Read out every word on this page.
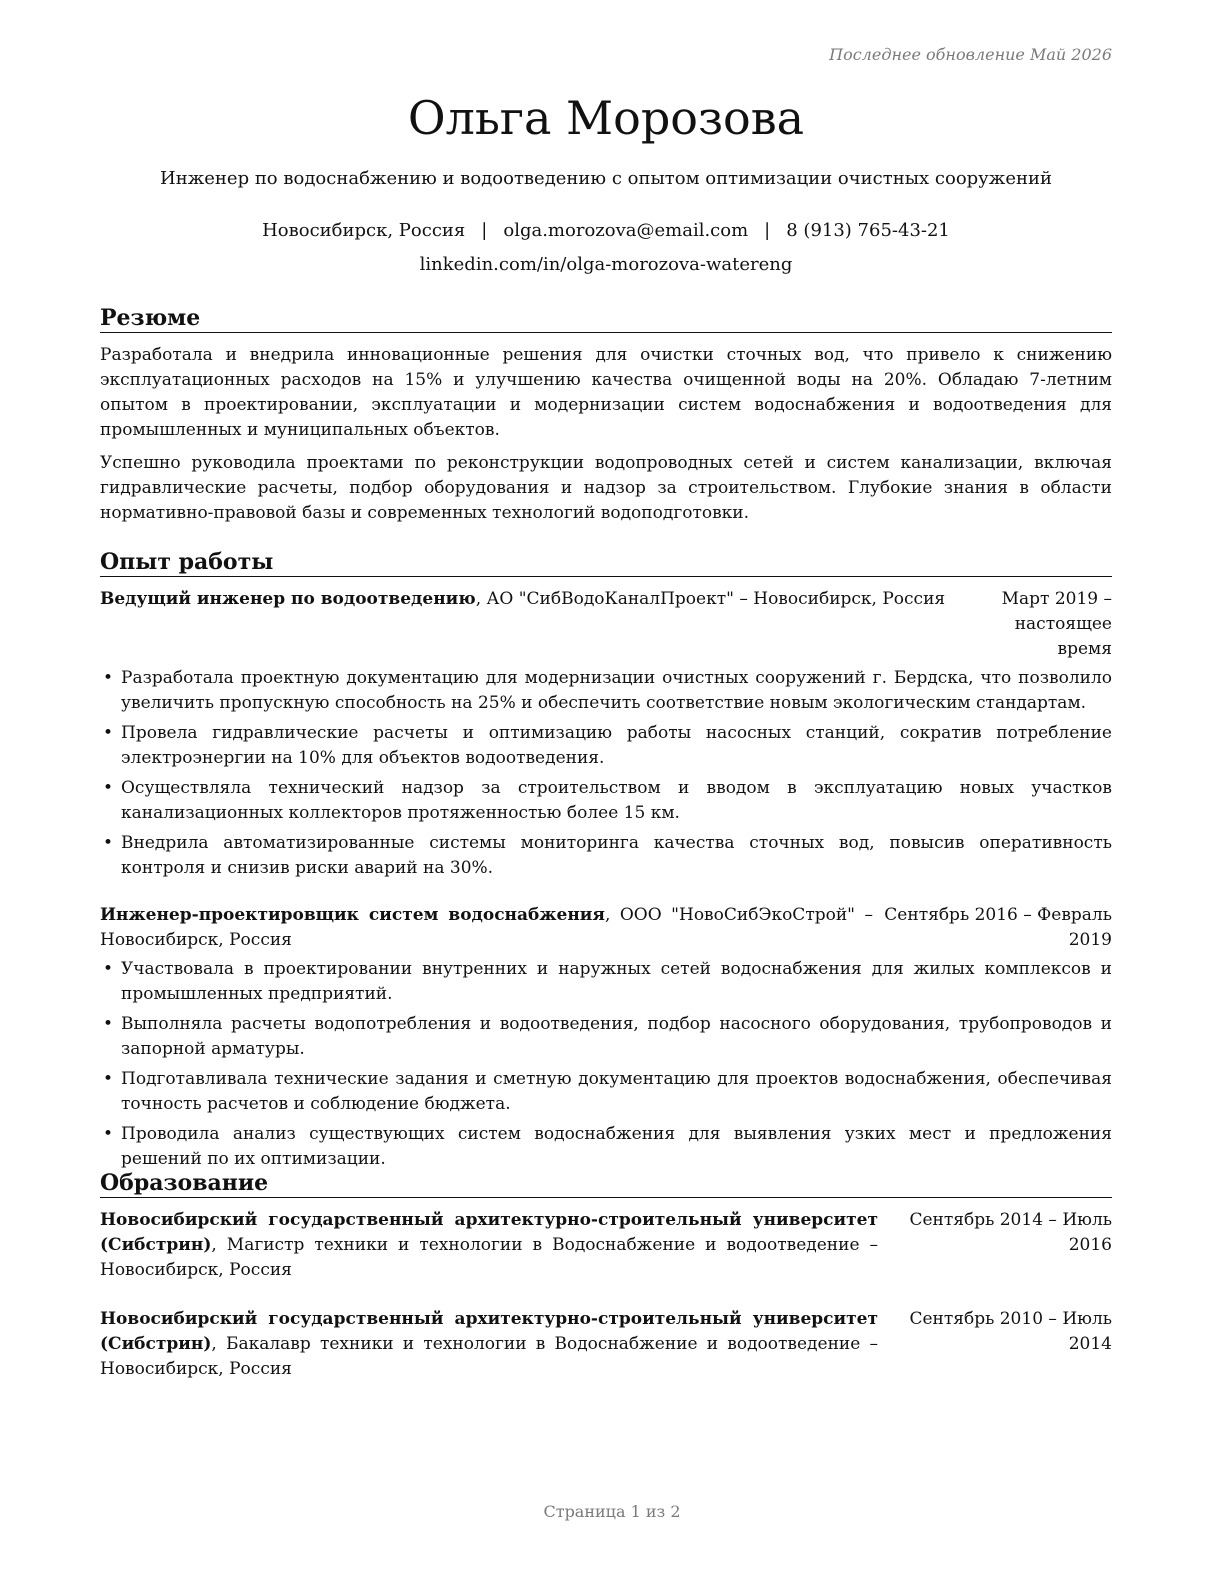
Последнее обновление Май 2026
Ольга Морозова
Инженер по водоснабжению и водоотведению с опытом оптимизации очистных сооружений
Новосибирск, Россия | olga.morozova@email.com | 8 (913) 765-43-21
linkedin.com/in/olga-morozova-watereng
Резюме

Разработала и внедрила инновационные решения для очистки сточных вод, что привело к снижению эксплуатационных расходов на 15% и улучшению качества очищенной воды на 20%. Обладаю 7-летним опытом в проектировании, эксплуатации и модернизации систем водоснабжения и водоотведения для промышленных и муниципальных объектов.

Успешно руководила проектами по реконструкции водопроводных сетей и систем канализации, включая гидравлические расчеты, подбор оборудования и надзор за строительством. Глубокие знания в области нормативно-правовой базы и современных технологий водоподготовки.

Опыт работы
Ведущий инженер по водоотведению, АО "СибВодоКаналПроект" – Новосибирск, Россия	Март 2019 – настоящее время
• Разработала проектную документацию для модернизации очистных сооружений г. Бердска, что позволило увеличить пропускную способность на 25% и обеспечить соответствие новым экологическим стандартам.
• Провела гидравлические расчеты и оптимизацию работы насосных станций, сократив потребление электроэнергии на 10% для объектов водоотведения.
• Осуществляла технический надзор за строительством и вводом в эксплуатацию новых участков канализационных коллекторов протяженностью более 15 км.
• Внедрила автоматизированные системы мониторинга качества сточных вод, повысив оперативность контроля и снизив риски аварий на 30%.
Инженер-проектировщик систем водоснабжения, ООО "НовоСибЭкоСтрой" – Новосибирск, Россия
Сентябрь 2016 – Февраль 2019
• Участвовала в проектировании внутренних и наружных сетей водоснабжения для жилых комплексов и промышленных предприятий.
• Выполняла расчеты водопотребления и водоотведения, подбор насосного оборудования, трубопроводов и запорной арматуры.
• Подготавливала технические задания и сметную документацию для проектов водоснабжения, обеспечивая точность расчетов и соблюдение бюджета.
• Проводила анализ существующих систем водоснабжения для выявления узких мест и предложения решений по их оптимизации.
Образование
Новосибирский государственный архитектурно-строительный университет (Сибстрин), Магистр техники и технологии в Водоснабжение и водоотведение – Новосибирск, Россия
Сентябрь 2014 – Июль 2016
Новосибирский государственный архитектурно-строительный университет (Сибстрин), Бакалавр техники и технологии в Водоснабжение и водоотведение – Новосибирск, Россия
Сентябрь 2010 – Июль 2014
Страница 1 из 2
